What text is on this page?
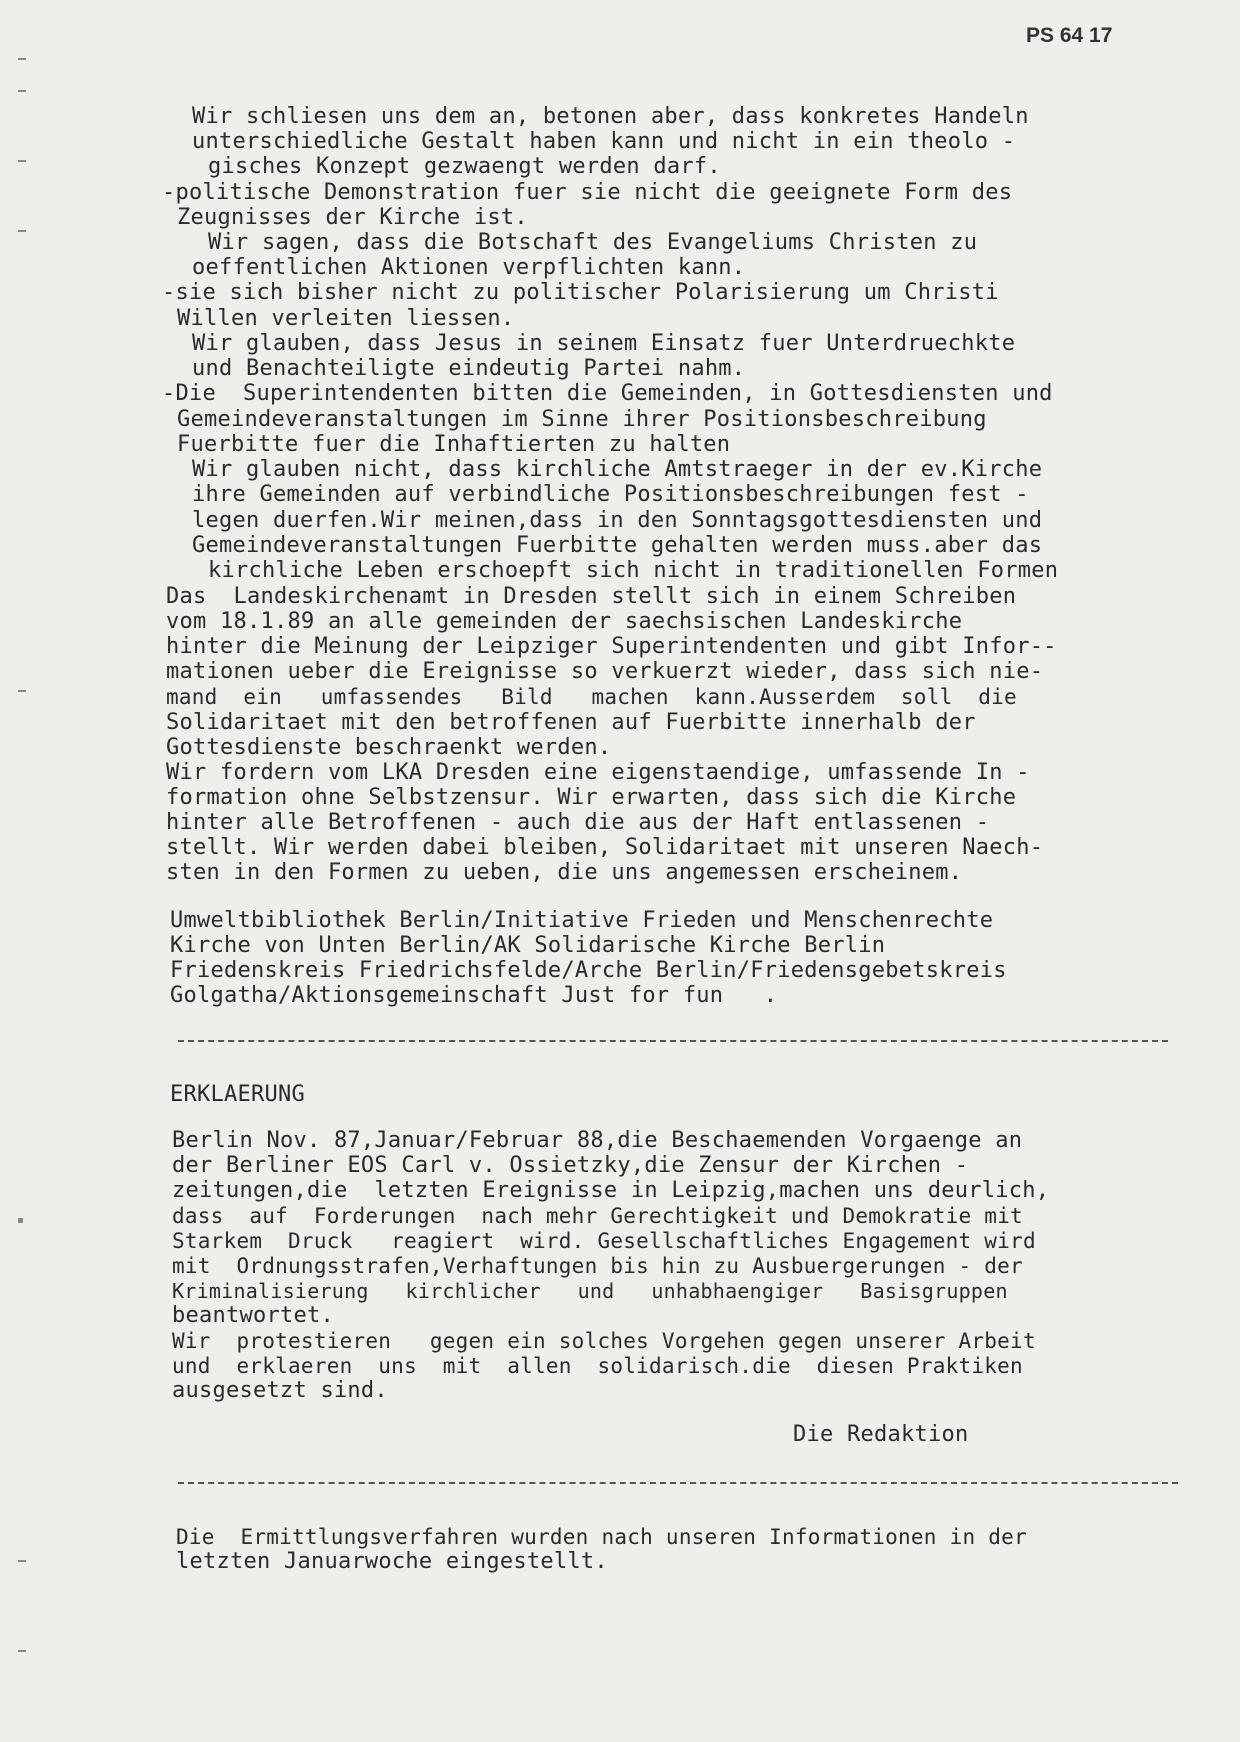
PS 64 17
Wir schliesen uns dem an, betonen aber, dass konkretes Handeln
unterschiedliche Gestalt haben kann und nicht in ein theolo -
gisches Konzept gezwaengt werden darf.
-politische Demonstration fuer sie nicht die geeignete Form des
Zeugnisses der Kirche ist.
Wir sagen, dass die Botschaft des Evangeliums Christen zu
oeffentlichen Aktionen verpflichten kann.
-sie sich bisher nicht zu politischer Polarisierung um Christi
Willen verleiten liessen.
Wir glauben, dass Jesus in seinem Einsatz fuer Unterdruechkte
und Benachteiligte eindeutig Partei nahm.
-Die  Superintendenten bitten die Gemeinden, in Gottesdiensten und
Gemeindeveranstaltungen im Sinne ihrer Positionsbeschreibung
Fuerbitte fuer die Inhaftierten zu halten
Wir glauben nicht, dass kirchliche Amtstraeger in der ev.Kirche
ihre Gemeinden auf verbindliche Positionsbeschreibungen fest -
legen duerfen.Wir meinen,dass in den Sonntagsgottesdiensten und
Gemeindeveranstaltungen Fuerbitte gehalten werden muss.aber das
kirchliche Leben erschoepft sich nicht in traditionellen Formen
Das  Landeskirchenamt in Dresden stellt sich in einem Schreiben
vom 18.1.89 an alle gemeinden der saechsischen Landeskirche
hinter die Meinung der Leipziger Superintendenten und gibt Infor--
mationen ueber die Ereignisse so verkuerzt wieder, dass sich nie-
mand  ein   umfassendes   Bild   machen  kann.Ausserdem  soll  die
Solidaritaet mit den betroffenen auf Fuerbitte innerhalb der
Gottesdienste beschraenkt werden.
Wir fordern vom LKA Dresden eine eigenstaendige, umfassende In -
formation ohne Selbstzensur. Wir erwarten, dass sich die Kirche
hinter alle Betroffenen - auch die aus der Haft entlassenen -
stellt. Wir werden dabei bleiben, Solidaritaet mit unseren Naech-
sten in den Formen zu ueben, die uns angemessen erscheinem.
Umweltbibliothek Berlin/Initiative Frieden und Menschenrechte
Kirche von Unten Berlin/AK Solidarische Kirche Berlin
Friedenskreis Friedrichsfelde/Arche Berlin/Friedensgebetskreis
Golgatha/Aktionsgemeinschaft Just for fun   .
ERKLAERUNG
Berlin Nov. 87,Januar/Februar 88,die Beschaemenden Vorgaenge an
der Berliner EOS Carl v. Ossietzky,die Zensur der Kirchen -
zeitungen,die  letzten Ereignisse in Leipzig,machen uns deurlich,
dass  auf  Forderungen  nach mehr Gerechtigkeit und Demokratie mit
Starkem  Druck   reagiert  wird. Gesellschaftliches Engagement wird
mit  Ordnungsstrafen,Verhaftungen bis hin zu Ausbuergerungen - der
Kriminalisierung   kirchlicher   und   unhabhaengiger   Basisgruppen
beantwortet.
Wir  protestieren   gegen ein solches Vorgehen gegen unserer Arbeit
und  erklaeren  uns  mit  allen  solidarisch.die  diesen Praktiken
ausgesetzt sind.
Die Redaktion
Die  Ermittlungsverfahren wurden nach unseren Informationen in der
letzten Januarwoche eingestellt.
